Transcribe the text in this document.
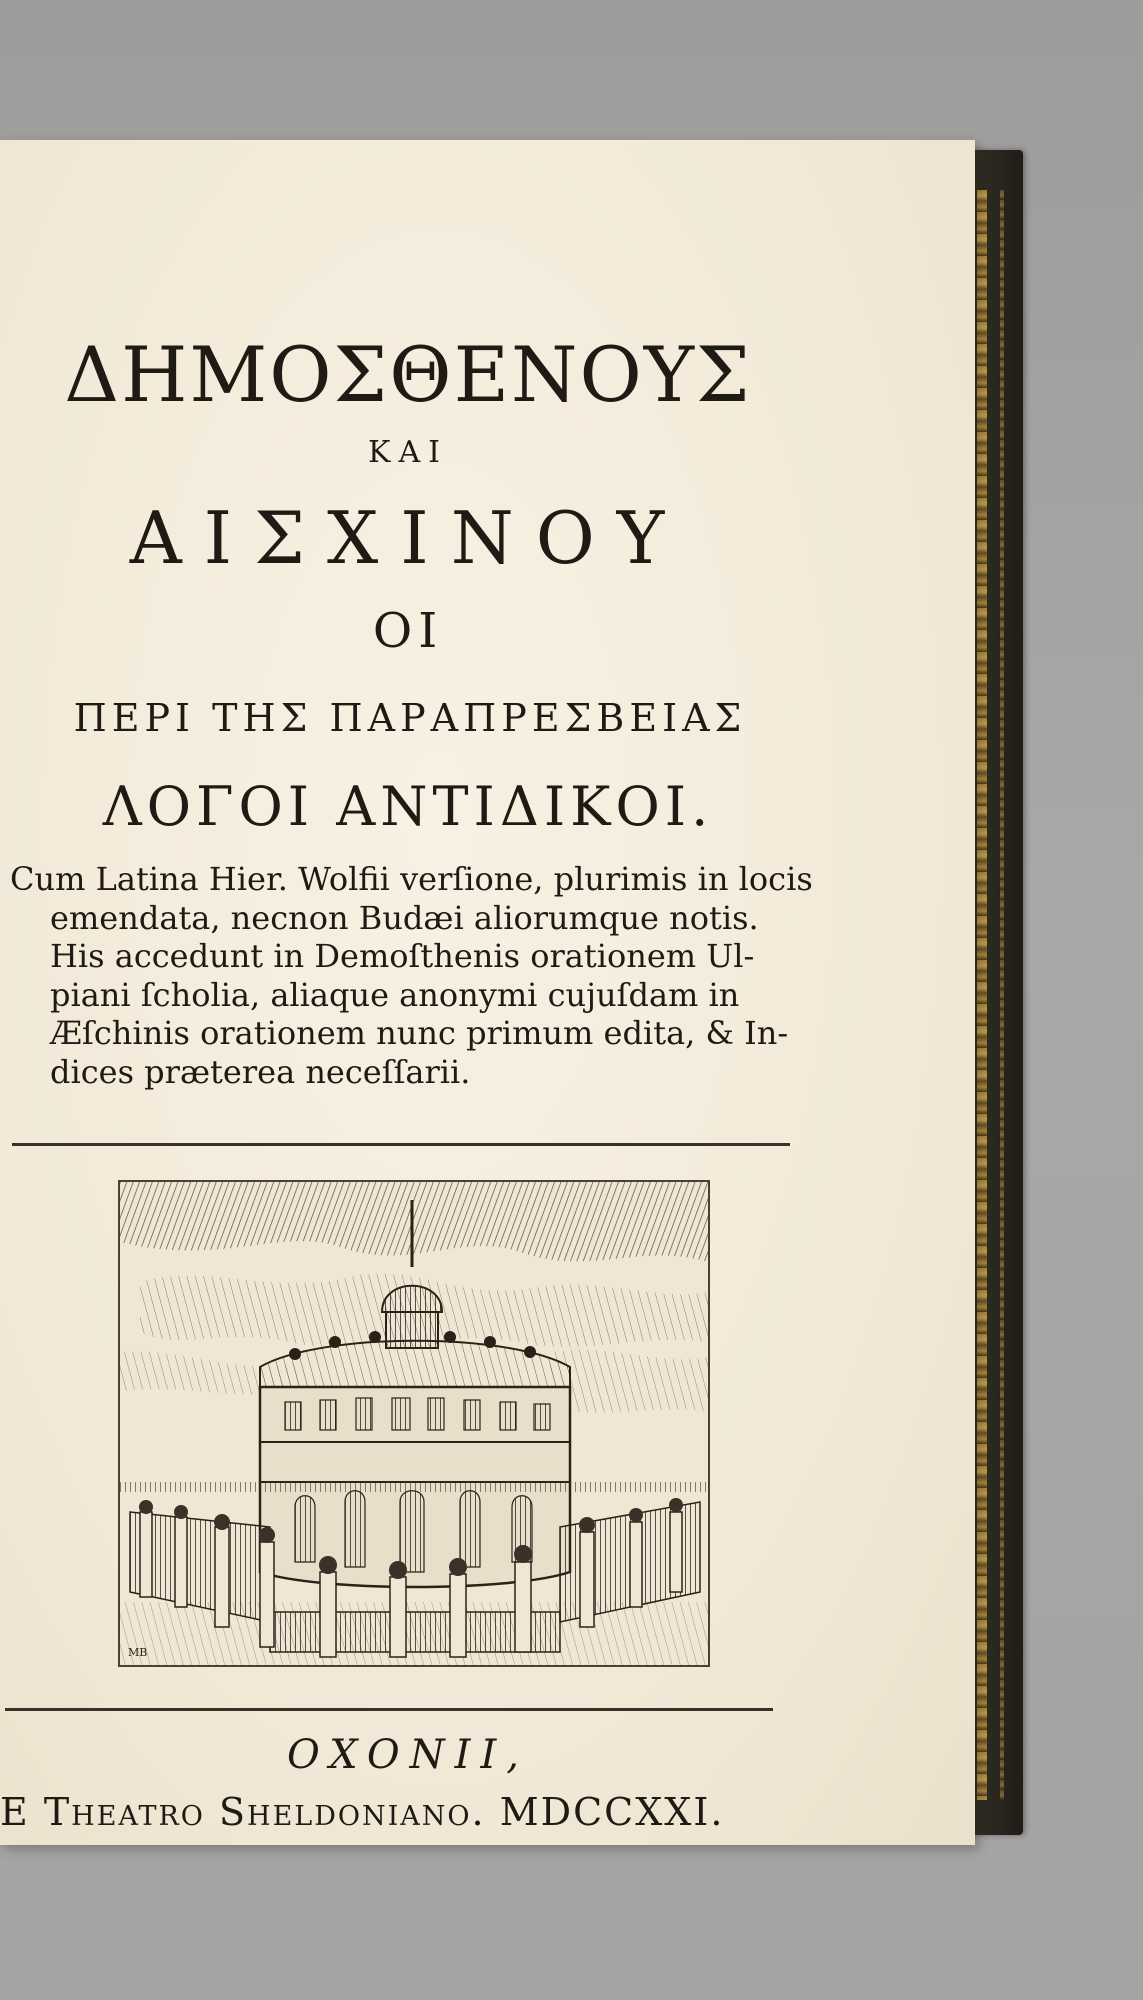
ΔΗΜΟΣΘΕΝΟΥΣ
ΚΑΙ
ΑΙΣΧΙΝΟΥ
ΟΙ
ΠΕΡΙ ΤΗΣ ΠΑΡΑΠΡΕΣΒΕΙΑΣ
ΛΟΓΟΙ ΑΝΤΙΔΙΚΟΙ.
Cum Latina Hier. Wolfii verſione, plurimis in locis
emendata, necnon Budæi aliorumque notis.
His accedunt in Demoſthenis orationem Ul-
piani ſcholia, aliaque anonymi cujuſdam in
Æſchinis orationem nunc primum edita, & In-
dices præterea neceſſarii.
MB
OXONII,
E Theatro Sheldoniano. MDCCXXI.
